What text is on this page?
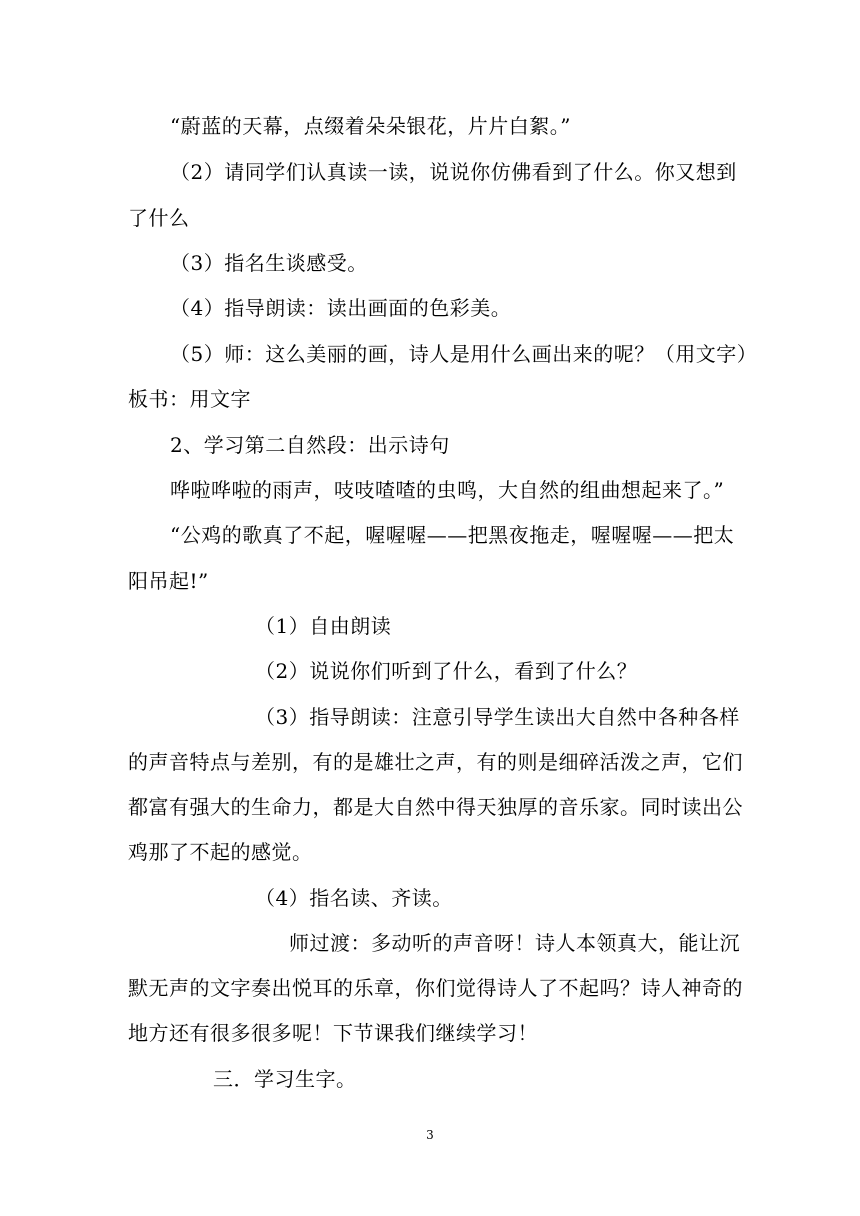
“蔚蓝的天幕，点缀着朵朵银花，片片白絮。”
（2）请同学们认真读一读，说说你仿佛看到了什么。你又想到
了什么
（3）指名生谈感受。
（4）指导朗读：读出画面的色彩美。
（5）师：这么美丽的画，诗人是用什么画出来的呢？（用文字）
板书：用文字
2、学习第二自然段：出示诗句
哗啦哗啦的雨声，吱吱喳喳的虫鸣，大自然的组曲想起来了。”
“公鸡的歌真了不起，喔喔喔——把黑夜拖走，喔喔喔——把太
阳吊起!”
（1）自由朗读
（2）说说你们听到了什么，看到了什么？
（3）指导朗读：注意引导学生读出大自然中各种各样
的声音特点与差别，有的是雄壮之声，有的则是细碎活泼之声，它们
都富有强大的生命力，都是大自然中得天独厚的音乐家。同时读出公
鸡那了不起的感觉。
（4）指名读、齐读。
师过渡：多动听的声音呀！诗人本领真大，能让沉
默无声的文字奏出悦耳的乐章，你们觉得诗人了不起吗？诗人神奇的
地方还有很多很多呢！下节课我们继续学习！
三．学习生字。
3
